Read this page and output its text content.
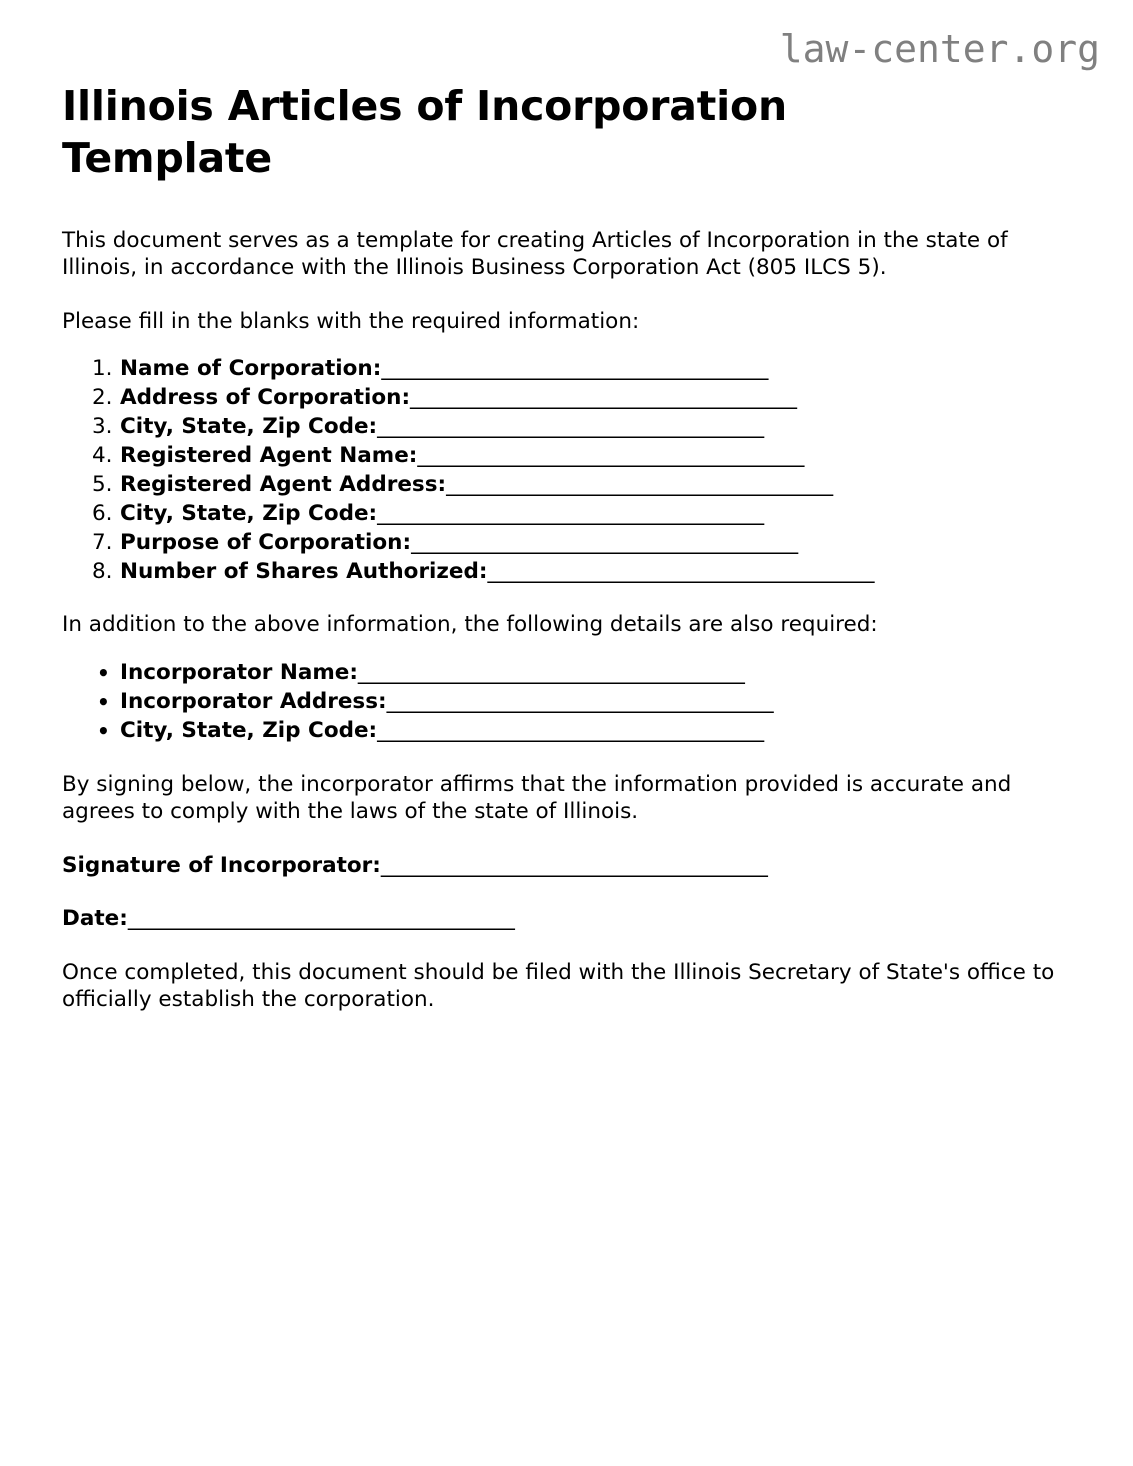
law-center.org
Illinois Articles of Incorporation Template

This document serves as a template for creating Articles of Incorporation in the state of Illinois, in accordance with the Illinois Business Corporation Act (805 ILCS 5).

Please fill in the blanks with the required information:

1. Name of Corporation:____________________________________
2. Address of Corporation:____________________________________
3. City, State, Zip Code:____________________________________
4. Registered Agent Name:____________________________________
5. Registered Agent Address:____________________________________
6. City, State, Zip Code:____________________________________
7. Purpose of Corporation:____________________________________
8. Number of Shares Authorized:____________________________________

In addition to the above information, the following details are also required:

• Incorporator Name:____________________________________
• Incorporator Address:____________________________________
• City, State, Zip Code:____________________________________

By signing below, the incorporator affirms that the information provided is accurate and agrees to comply with the laws of the state of Illinois.

Signature of Incorporator:____________________________________

Date:____________________________________

Once completed, this document should be filed with the Illinois Secretary of State's office to officially establish the corporation.
